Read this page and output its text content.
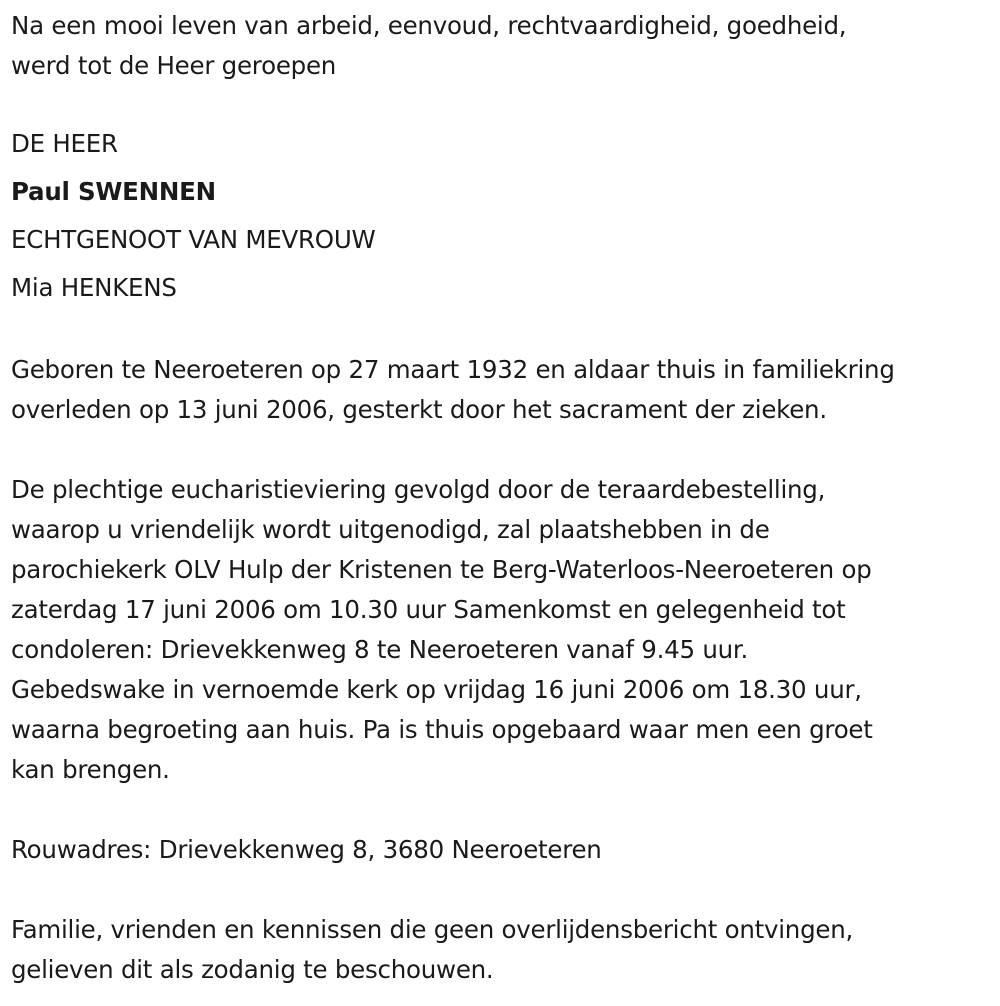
Na een mooi leven van arbeid, eenvoud, rechtvaardigheid, goedheid,
werd tot de Heer geroepen

DE HEER

Paul SWENNEN

ECHTGENOOT VAN MEVROUW

Mia HENKENS

Geboren te Neeroeteren op 27 maart 1932 en aldaar thuis in familiekring
overleden op 13 juni 2006, gesterkt door het sacrament der zieken.

De plechtige eucharistieviering gevolgd door de teraardebestelling,
waarop u vriendelijk wordt uitgenodigd, zal plaatshebben in de
parochiekerk OLV Hulp der Kristenen te Berg-Waterloos-Neeroeteren op
zaterdag 17 juni 2006 om 10.30 uur Samenkomst en gelegenheid tot
condoleren: Drievekkenweg 8 te Neeroeteren vanaf 9.45 uur.
Gebedswake in vernoemde kerk op vrijdag 16 juni 2006 om 18.30 uur,
waarna begroeting aan huis. Pa is thuis opgebaard waar men een groet
kan brengen.

Rouwadres: Drievekkenweg 8, 3680 Neeroeteren

Familie, vrienden en kennissen die geen overlijdensbericht ontvingen,
gelieven dit als zodanig te beschouwen.
